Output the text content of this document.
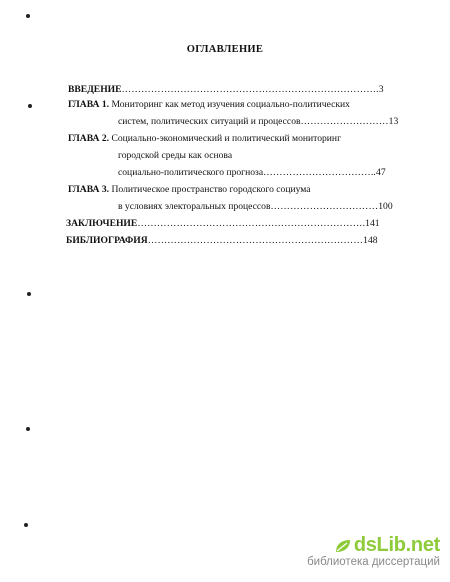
ОГЛАВЛЕНИЕ
ВВЕДЕНИЕ…………………………………………………………………….3
ГЛАВА 1. Мониторинг как метод изучения социально-политических
систем, политических ситуаций и процессов………………………13
ГЛАВА 2. Социально-экономический и политический мониторинг
городской среды как основа
социально-политического прогноза……………………………..47
ГЛАВА 3. Политическое пространство городского социума
в условиях электоральных процессов……………………………100
ЗАКЛЮЧЕНИЕ…………………………………………………………….141
БИБЛИОГРАФИЯ…………………………………………………………148
dsLib.net
библиотека диссертаций
